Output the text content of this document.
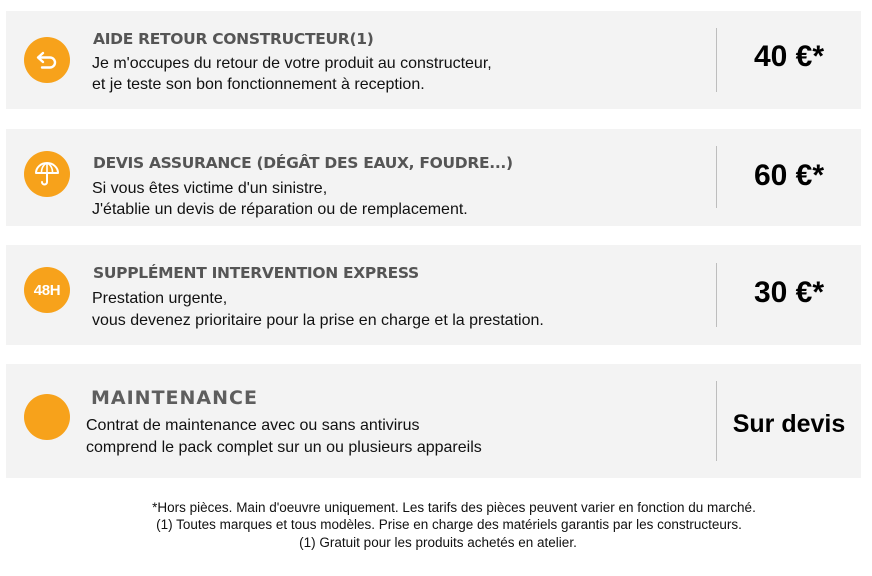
AIDE RETOUR CONSTRUCTEUR(1)
Je m'occupes du retour de votre produit au constructeur,
et je teste son bon fonctionnement à reception.
40 €*
DEVIS ASSURANCE (DÉGÂT DES EAUX, FOUDRE...)
Si vous êtes victime d'un sinistre,
J'établie un devis de réparation ou de remplacement.
60 €*
48H
SUPPLÉMENT INTERVENTION EXPRESS
Prestation urgente,
vous devenez prioritaire pour la prise en charge et la prestation.
30 €*
MAINTENANCE
Contrat de maintenance avec ou sans antivirus
comprend le pack complet sur un ou plusieurs appareils
Sur devis
*Hors pièces. Main d'oeuvre uniquement. Les tarifs des pièces peuvent varier en fonction du marché.
(1) Toutes marques et tous modèles. Prise en charge des matériels garantis par les constructeurs.
(1) Gratuit pour les produits achetés en atelier.
